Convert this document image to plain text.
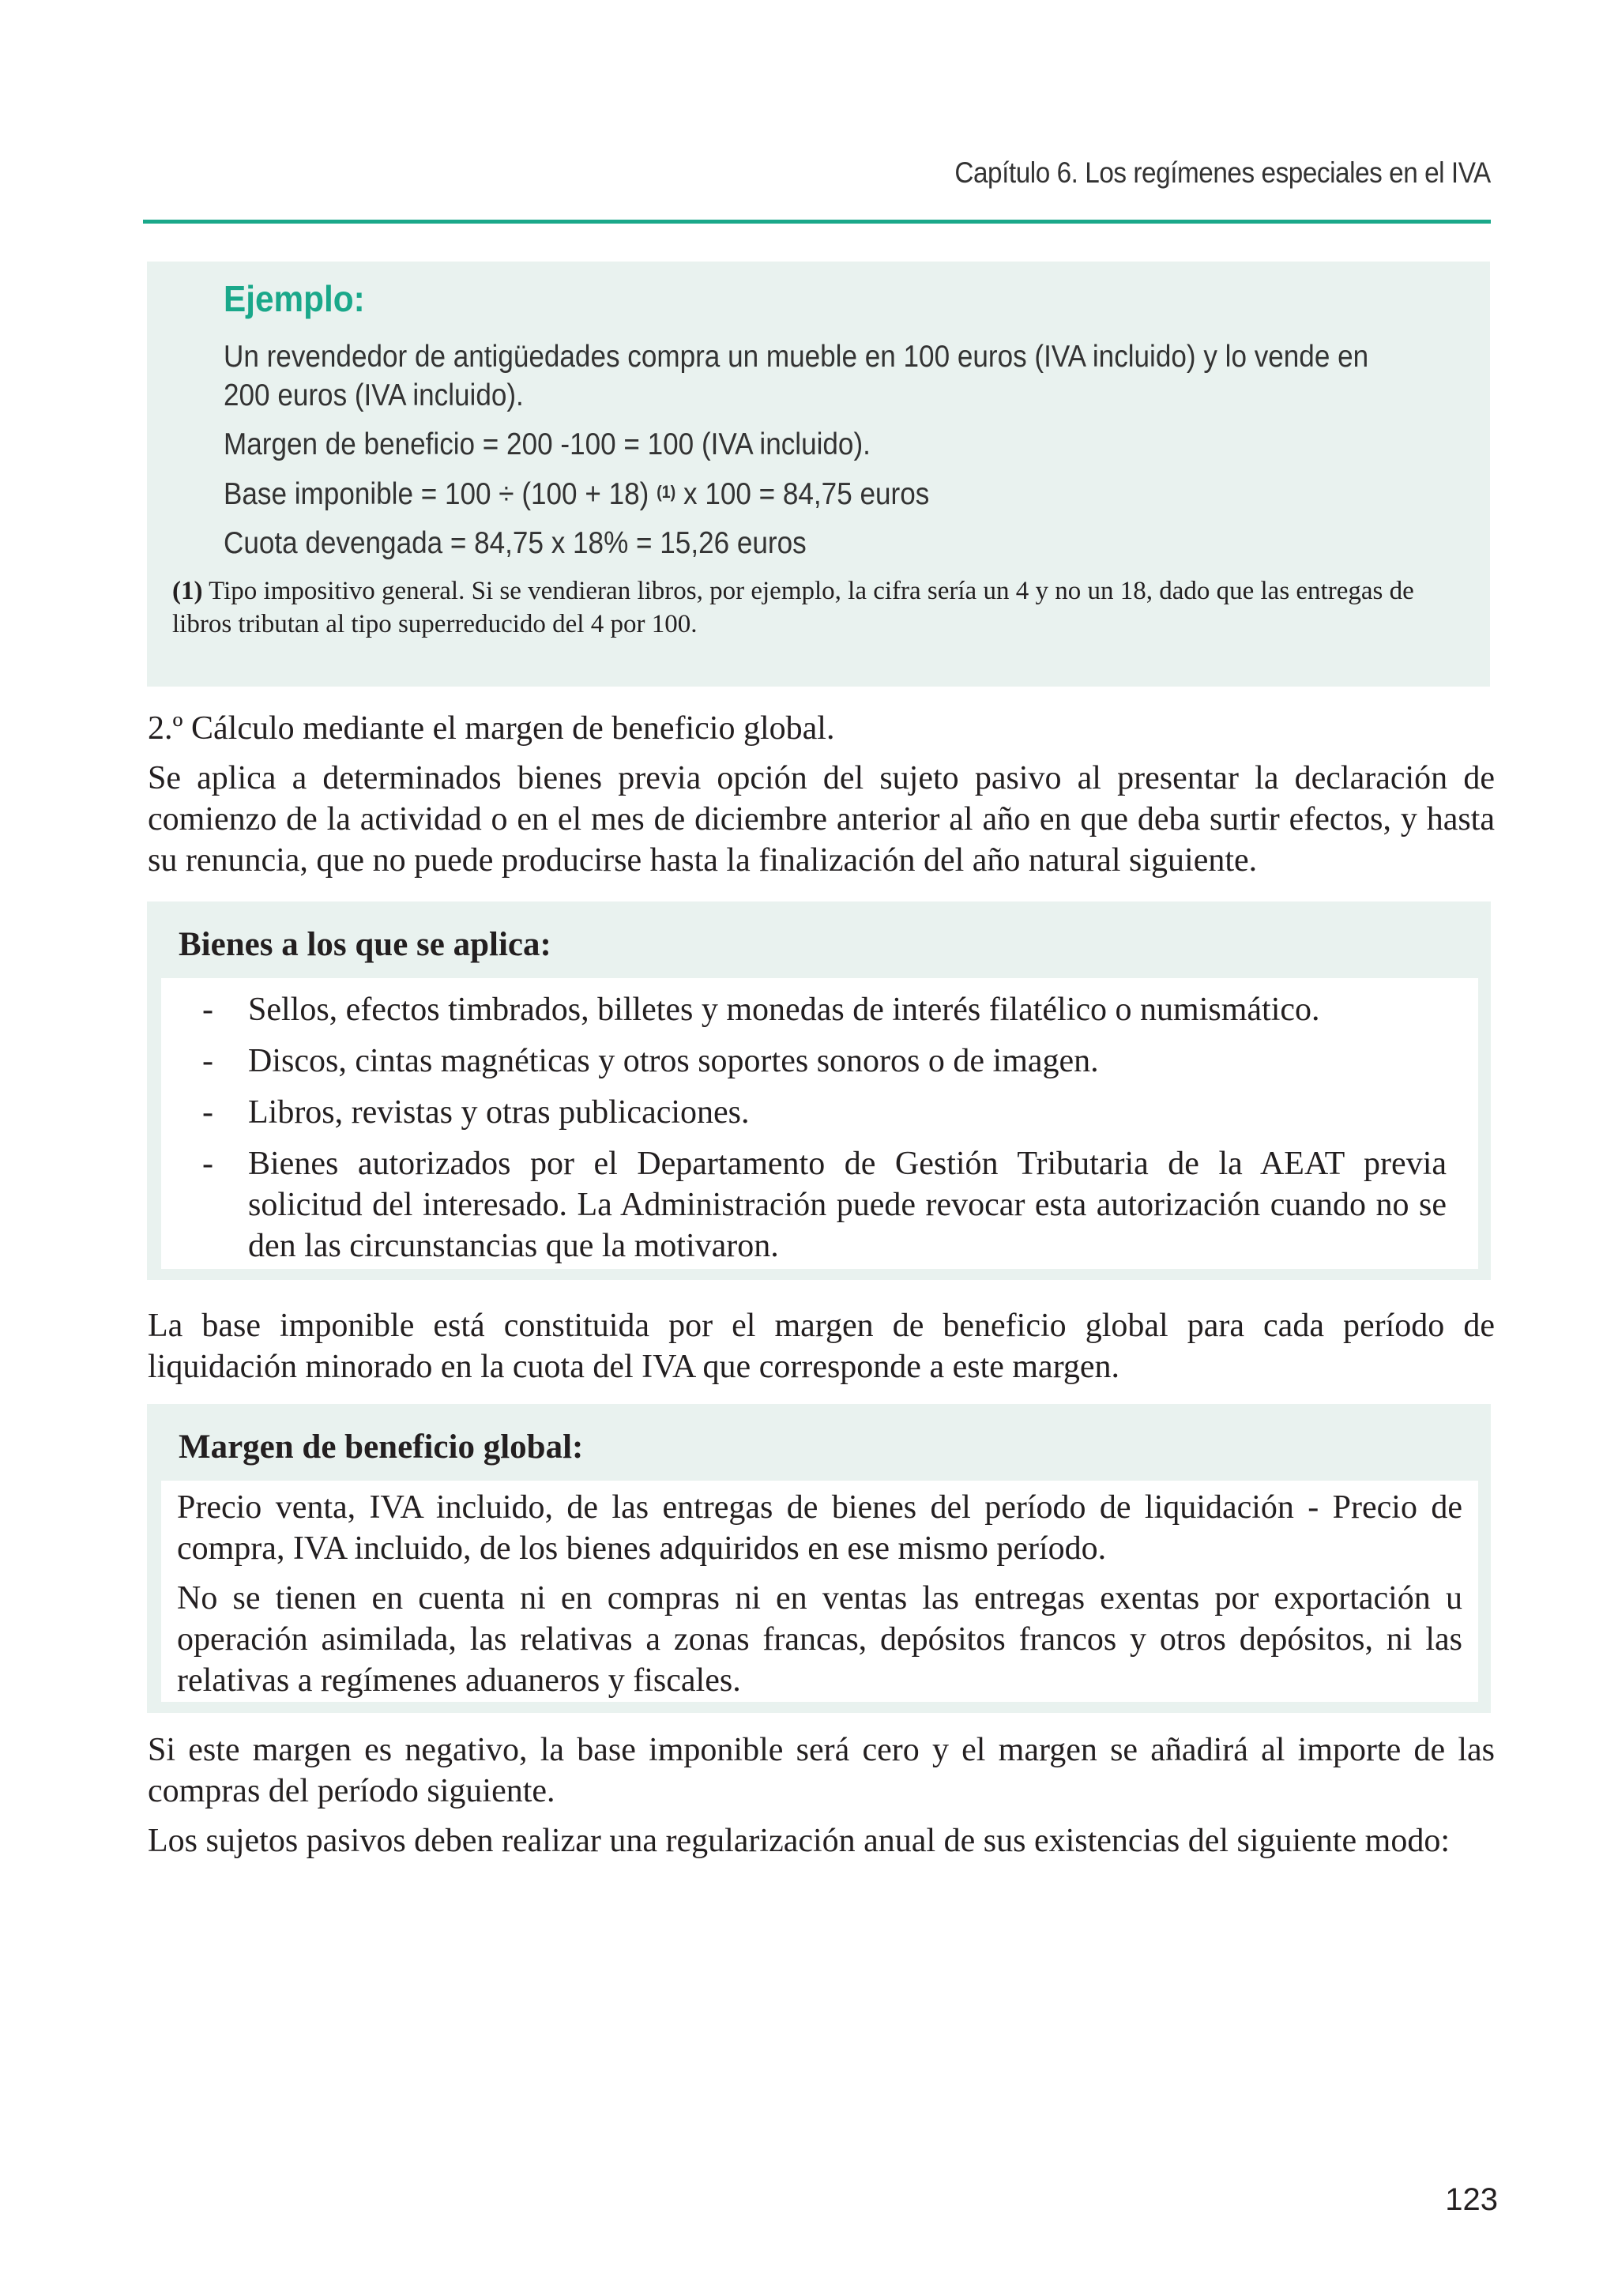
Capítulo 6. Los regímenes especiales en el IVA
Ejemplo:
Un revendedor de antigüedades compra un mueble en 100 euros (IVA incluido) y lo vende en
200 euros (IVA incluido).
Margen de beneficio = 200 -100 = 100 (IVA incluido).
Base imponible = 100 ÷ (100 + 18) $^{(1)}$ x 100 = 84,75 euros
Cuota devengada = 84,75 x 18% = 15,26 euros
(1) Tipo impositivo general. Si se vendieran libros, por ejemplo, la cifra sería un 4 y no un 18, dado que las entregas de libros tributan al tipo superreducido del 4 por 100.

2.º Cálculo mediante el margen de beneficio global.

Se aplica a determinados bienes previa opción del sujeto pasivo al presentar la declaración de comienzo de la actividad o en el mes de diciembre anterior al año en que deba surtir efectos, y hasta su renuncia, que no puede producirse hasta la finalización del año natural siguiente.

Bienes a los que se aplica:
- Sellos, efectos timbrados, billetes y monedas de interés filatélico o numismático.
- Discos, cintas magnéticas y otros soportes sonoros o de imagen.
- Libros, revistas y otras publicaciones.
- Bienes autorizados por el Departamento de Gestión Tributaria de la AEAT previa solicitud del interesado. La Administración puede revocar esta autorización cuando no se den las circunstancias que la motivaron.

La base imponible está constituida por el margen de beneficio global para cada período de liquidación minorado en la cuota del IVA que corresponde a este margen.

Margen de beneficio global:

Precio venta, IVA incluido, de las entregas de bienes del período de liquidación - Precio de compra, IVA incluido, de los bienes adquiridos en ese mismo período.

No se tienen en cuenta ni en compras ni en ventas las entregas exentas por exportación u operación asimilada, las relativas a zonas francas, depósitos francos y otros depósitos, ni las relativas a regímenes aduaneros y fiscales.

Si este margen es negativo, la base imponible será cero y el margen se añadirá al importe de las compras del período siguiente.

Los sujetos pasivos deben realizar una regularización anual de sus existencias del siguiente modo:

123
